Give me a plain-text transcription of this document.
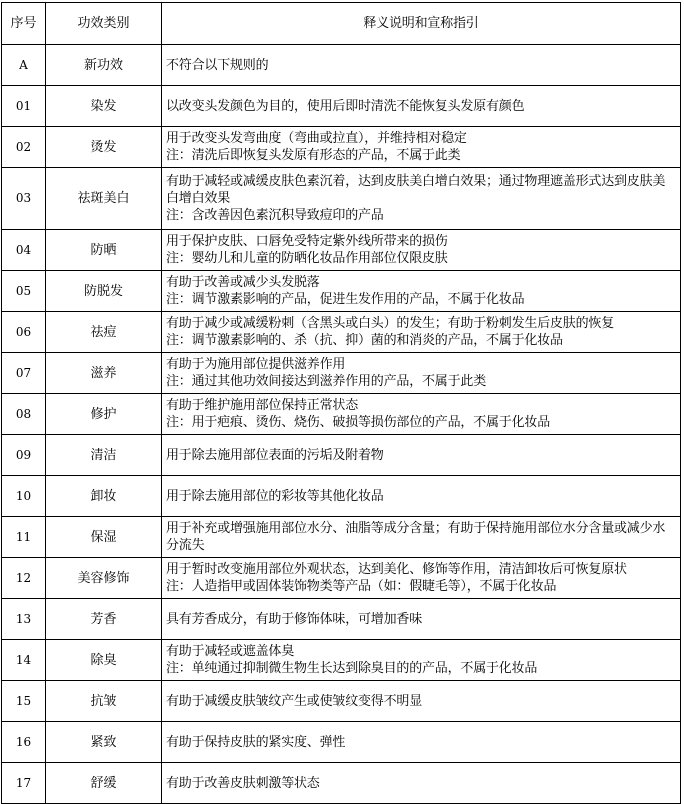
序号	功效类别	释义说明和宣称指引
A	新功效	不符合以下规则的
01	染发	以改变头发颜色为目的，使用后即时清洗不能恢复头发原有颜色
02	烫发	用于改变头发弯曲度（弯曲或拉直），并维持相对稳定
注：清洗后即恢复头发原有形态的产品，不属于此类
03	祛斑美白	有助于减轻或减缓皮肤色素沉着，达到皮肤美白增白效果；通过物理遮盖形式达到皮肤美白增白效果
注：含改善因色素沉积导致痘印的产品
04	防晒	用于保护皮肤、口唇免受特定紫外线所带来的损伤
注：婴幼儿和儿童的防晒化妆品作用部位仅限皮肤
05	防脱发	有助于改善或减少头发脱落
注：调节激素影响的产品，促进生发作用的产品，不属于化妆品
06	祛痘	有助于减少或减缓粉刺（含黑头或白头）的发生；有助于粉刺发生后皮肤的恢复
注：调节激素影响的、杀（抗、抑）菌的和消炎的产品，不属于化妆品
07	滋养	有助于为施用部位提供滋养作用
注：通过其他功效间接达到滋养作用的产品，不属于此类
08	修护	有助于维护施用部位保持正常状态
注：用于疤痕、烫伤、烧伤、破损等损伤部位的产品，不属于化妆品
09	清洁	用于除去施用部位表面的污垢及附着物
10	卸妆	用于除去施用部位的彩妆等其他化妆品
11	保湿	用于补充或增强施用部位水分、油脂等成分含量；有助于保持施用部位水分含量或减少水分流失
12	美容修饰	用于暂时改变施用部位外观状态，达到美化、修饰等作用，清洁卸妆后可恢复原状
注：人造指甲或固体装饰物类等产品（如：假睫毛等），不属于化妆品
13	芳香	具有芳香成分，有助于修饰体味，可增加香味
14	除臭	有助于减轻或遮盖体臭
注：单纯通过抑制微生物生长达到除臭目的的产品，不属于化妆品
15	抗皱	有助于减缓皮肤皱纹产生或使皱纹变得不明显
16	紧致	有助于保持皮肤的紧实度、弹性
17	舒缓	有助于改善皮肤刺激等状态
